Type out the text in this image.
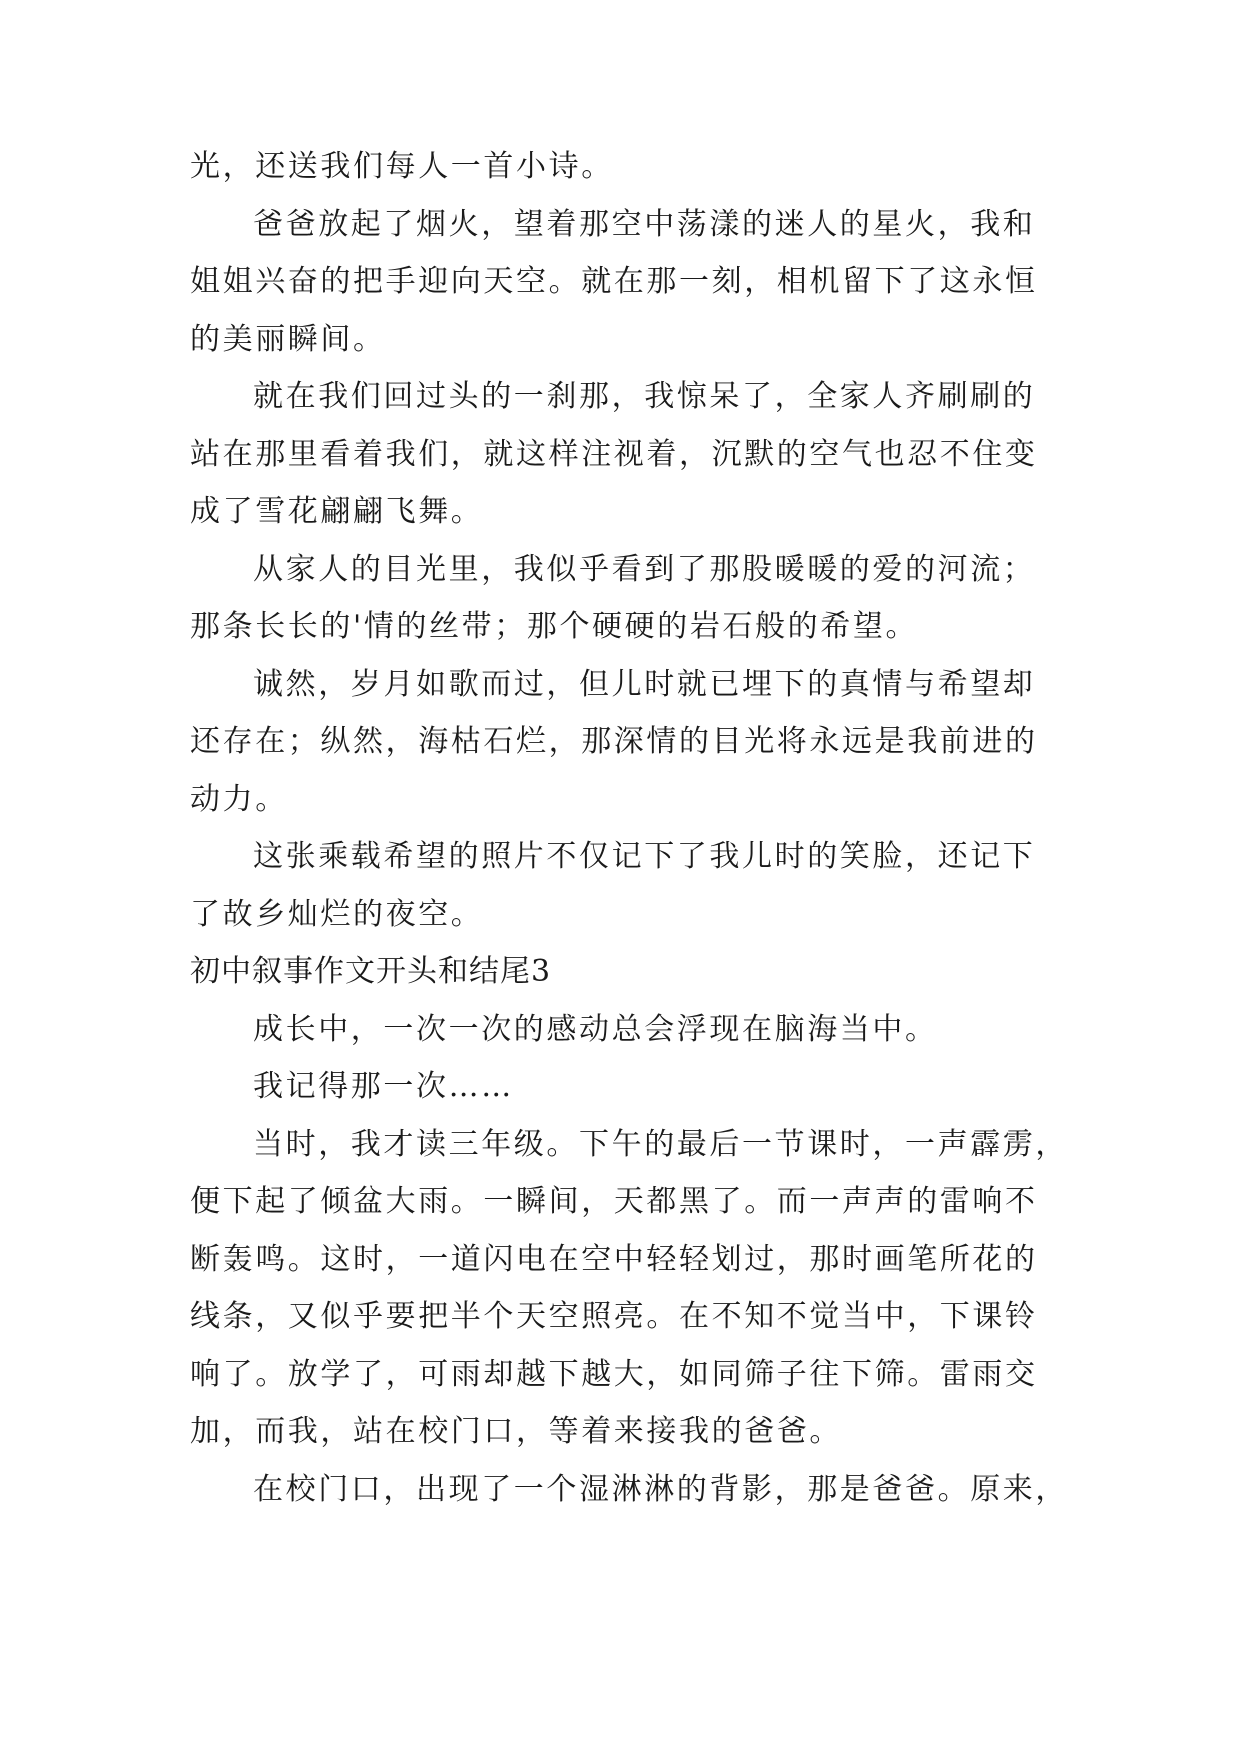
光，还送我们每人一首小诗。
爸爸放起了烟火，望着那空中荡漾的迷人的星火，我和
姐姐兴奋的把手迎向天空。就在那一刻，相机留下了这永恒
的美丽瞬间。
就在我们回过头的一刹那，我惊呆了，全家人齐刷刷的
站在那里看着我们，就这样注视着，沉默的空气也忍不住变
成了雪花翩翩飞舞。
从家人的目光里，我似乎看到了那股暖暖的爱的河流；
那条长长的'情的丝带；那个硬硬的岩石般的希望。
诚然，岁月如歌而过，但儿时就已埋下的真情与希望却
还存在；纵然，海枯石烂，那深情的目光将永远是我前进的
动力。
这张乘载希望的照片不仅记下了我儿时的笑脸，还记下
了故乡灿烂的夜空。
初中叙事作文开头和结尾3
成长中，一次一次的感动总会浮现在脑海当中。
我记得那一次……
当时，我才读三年级。下午的最后一节课时，一声霹雳，
便下起了倾盆大雨。一瞬间，天都黑了。而一声声的雷响不
断轰鸣。这时，一道闪电在空中轻轻划过，那时画笔所花的
线条，又似乎要把半个天空照亮。在不知不觉当中，下课铃
响了。放学了，可雨却越下越大，如同筛子往下筛。雷雨交
加，而我，站在校门口，等着来接我的爸爸。
在校门口，出现了一个湿淋淋的背影，那是爸爸。原来，
